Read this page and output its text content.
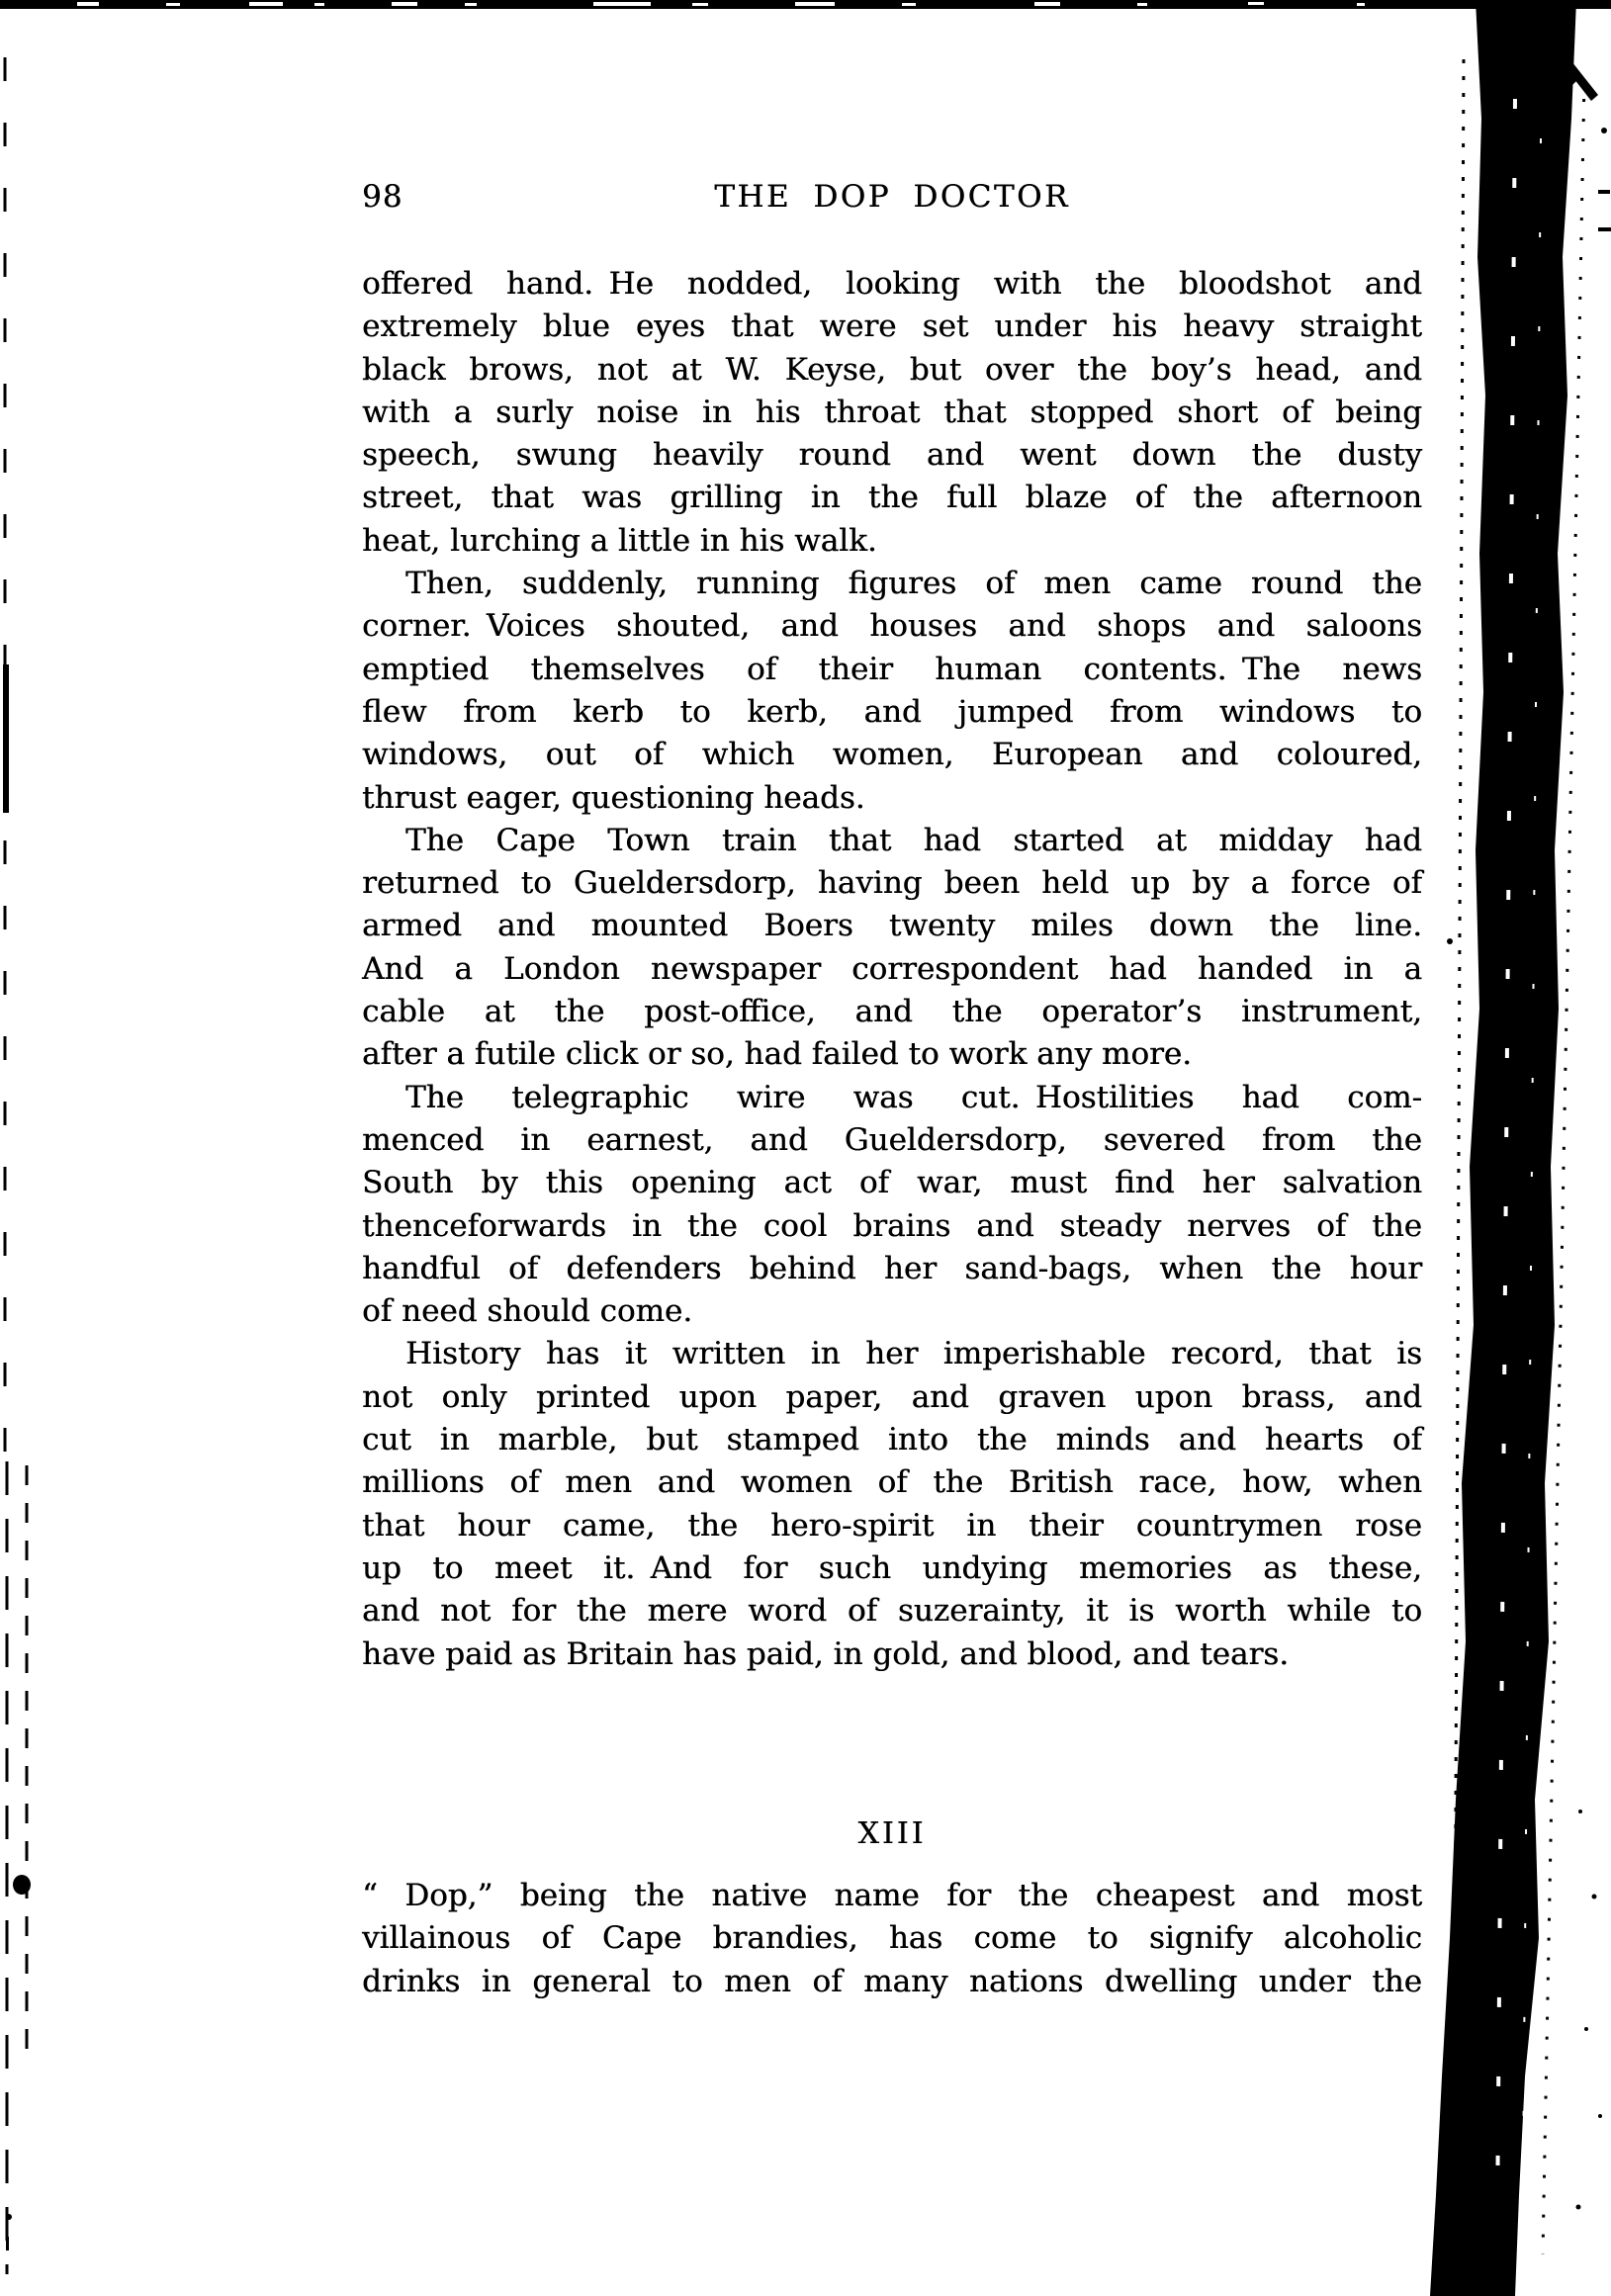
98	THE DOP DOCTOR
offered hand. He nodded, looking with the bloodshot and
extremely blue eyes that were set under his heavy straight
black brows, not at W. Keyse, but over the boy’s head, and
with a surly noise in his throat that stopped short of being
speech, swung heavily round and went down the dusty
street, that was grilling in the full blaze of the afternoon
heat, lurching a little in his walk.
Then, suddenly, running figures of men came round the
corner. Voices shouted, and houses and shops and saloons
emptied themselves of their human contents. The news
flew from kerb to kerb, and jumped from windows to
windows, out of which women, European and coloured,
thrust eager, questioning heads.
The Cape Town train that had started at midday had
returned to Gueldersdorp, having been held up by a force of
armed and mounted Boers twenty miles down the line.
And a London newspaper correspondent had handed in a
cable at the post-office, and the operator’s instrument,
after a futile click or so, had failed to work any more.
The telegraphic wire was cut. Hostilities had com-
menced in earnest, and Gueldersdorp, severed from the
South by this opening act of war, must find her salvation
thenceforwards in the cool brains and steady nerves of the
handful of defenders behind her sand-bags, when the hour
of need should come.
History has it written in her imperishable record, that is
not only printed upon paper, and graven upon brass, and
cut in marble, but stamped into the minds and hearts of
millions of men and women of the British race, how, when
that hour came, the hero-spirit in their countrymen rose
up to meet it. And for such undying memories as these,
and not for the mere word of suzerainty, it is worth while to
have paid as Britain has paid, in gold, and blood, and tears.
XIII
“ Dop,” being the native name for the cheapest and most
villainous of Cape brandies, has come to signify alcoholic
drinks in general to men of many nations dwelling under the
